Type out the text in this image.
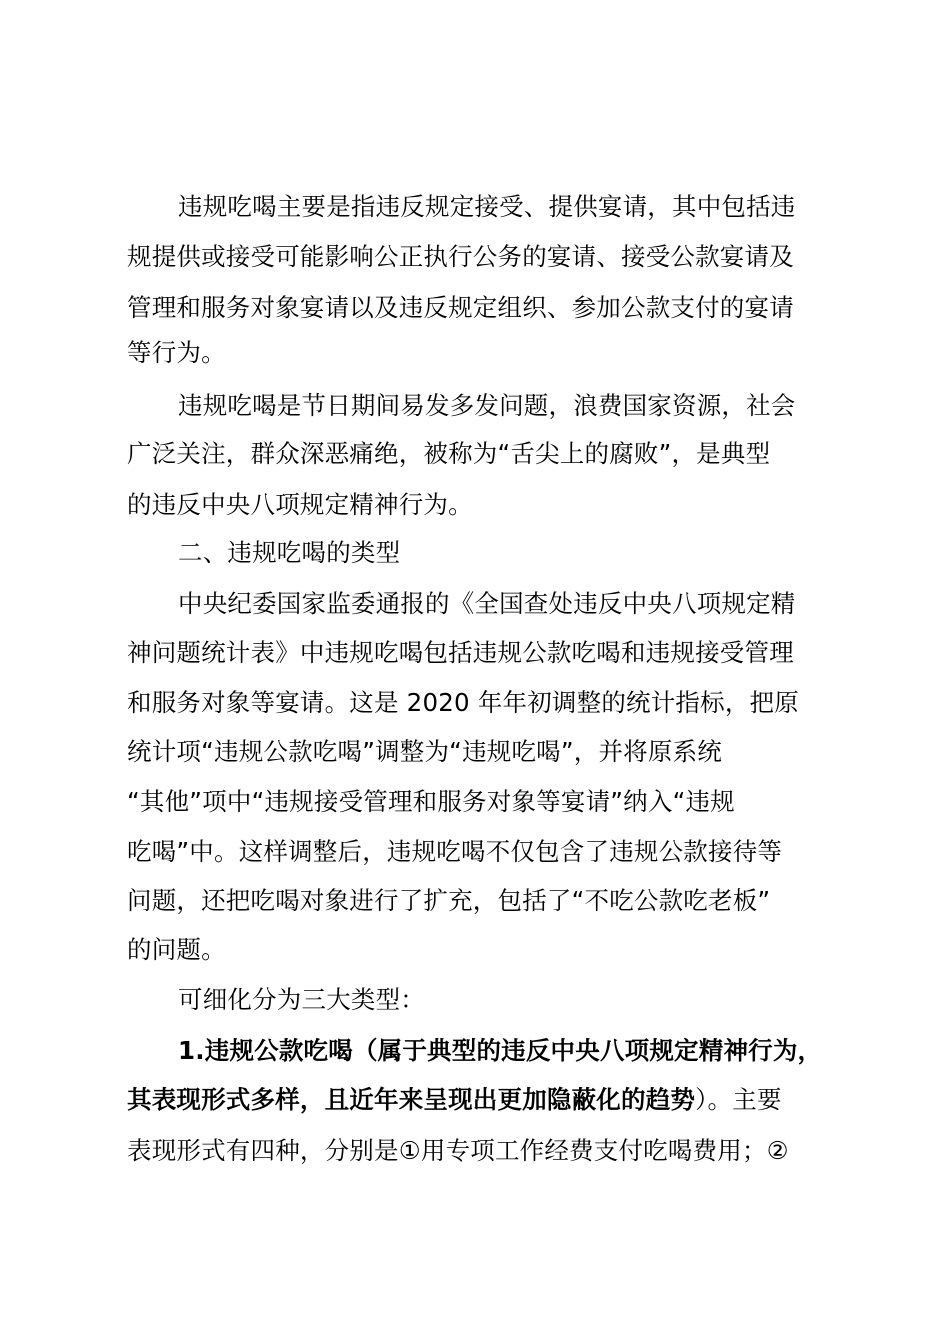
违规吃喝主要是指违反规定接受、提供宴请，其中包括违
规提供或接受可能影响公正执行公务的宴请、接受公款宴请及
管理和服务对象宴请以及违反规定组织、参加公款支付的宴请
等行为。
违规吃喝是节日期间易发多发问题，浪费国家资源，社会
广泛关注，群众深恶痛绝，被称为“舌尖上的腐败”，是典型
的违反中央八项规定精神行为。
二、违规吃喝的类型
中央纪委国家监委通报的《全国查处违反中央八项规定精
神问题统计表》中违规吃喝包括违规公款吃喝和违规接受管理
和服务对象等宴请。这是 2020 年年初调整的统计指标，把原
统计项“违规公款吃喝”调整为“违规吃喝”，并将原系统
“其他”项中“违规接受管理和服务对象等宴请”纳入“违规
吃喝”中。这样调整后，违规吃喝不仅包含了违规公款接待等
问题，还把吃喝对象进行了扩充，包括了“不吃公款吃老板”
的问题。
可细化分为三大类型：
1.违规公款吃喝（属于典型的违反中央八项规定精神行为，
其表现形式多样，且近年来呈现出更加隐蔽化的趋势）。主要
表现形式有四种，分别是①用专项工作经费支付吃喝费用；②
